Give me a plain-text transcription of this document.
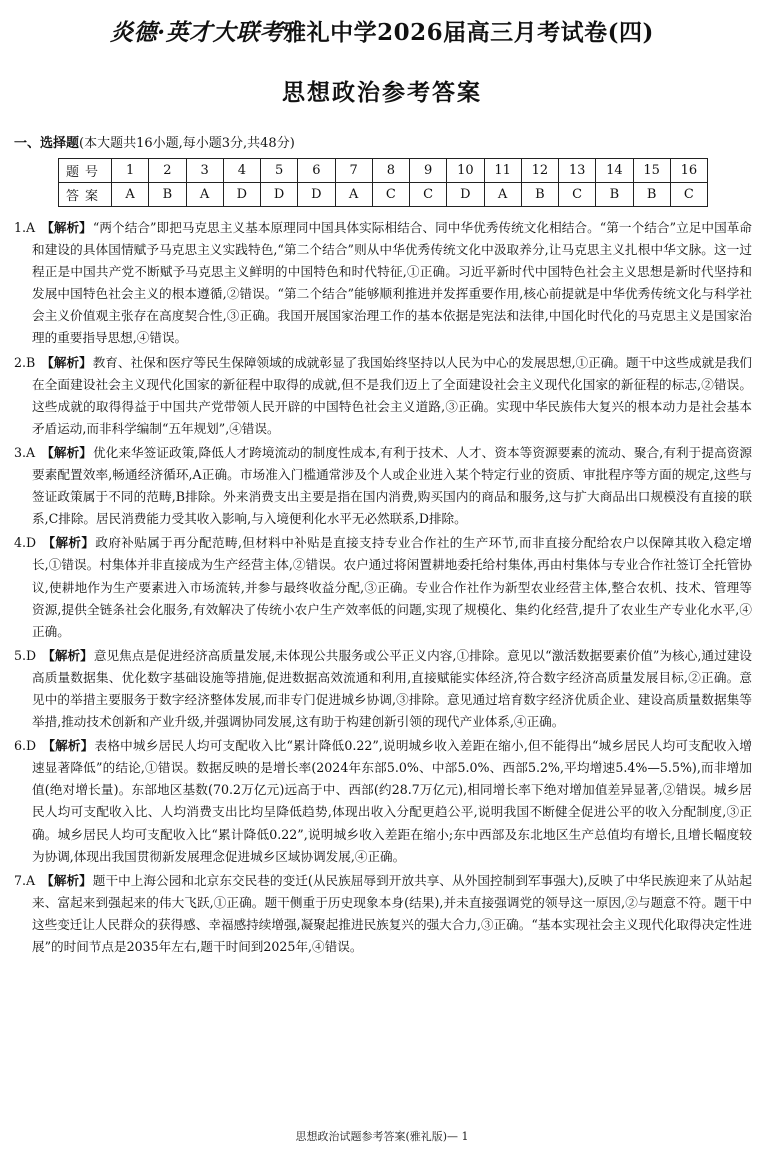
炎德·英才大联考雅礼中学2026届高三月考试卷(四)
思想政治参考答案
一、选择题(本大题共16小题,每小题3分,共48分)
题号	1	2	3	4	5	6	7	8	9	10	11	12	13	14	15	16
答案	A	B	A	D	D	D	A	C	C	D	A	B	C	B	B	C
1.A 【解析】“两个结合”即把马克思主义基本原理同中国具体实际相结合、同中华优秀传统文化相结合。“第一个结合”立足中国革命和建设的具体国情赋予马克思主义实践特色,“第二个结合”则从中华优秀传统文化中汲取养分,让马克思主义扎根中华文脉。这一过程正是中国共产党不断赋予马克思主义鲜明的中国特色和时代特征,①正确。习近平新时代中国特色社会主义思想是新时代坚持和发展中国特色社会主义的根本遵循,②错误。“第二个结合”能够顺利推进并发挥重要作用,核心前提就是中华优秀传统文化与科学社会主义价值观主张存在高度契合性,③正确。我国开展国家治理工作的基本依据是宪法和法律,中国化时代化的马克思主义是国家治理的重要指导思想,④错误。
2.B 【解析】教育、社保和医疗等民生保障领域的成就彰显了我国始终坚持以人民为中心的发展思想,①正确。题干中这些成就是我们在全面建设社会主义现代化国家的新征程中取得的成就,但不是我们迈上了全面建设社会主义现代化国家的新征程的标志,②错误。这些成就的取得得益于中国共产党带领人民开辟的中国特色社会主义道路,③正确。实现中华民族伟大复兴的根本动力是社会基本矛盾运动,而非科学编制“五年规划”,④错误。
3.A 【解析】优化来华签证政策,降低人才跨境流动的制度性成本,有利于技术、人才、资本等资源要素的流动、聚合,有利于提高资源要素配置效率,畅通经济循环,A正确。市场准入门槛通常涉及个人或企业进入某个特定行业的资质、审批程序等方面的规定,这些与签证政策属于不同的范畴,B排除。外来消费支出主要是指在国内消费,购买国内的商品和服务,这与扩大商品出口规模没有直接的联系,C排除。居民消费能力受其收入影响,与入境便利化水平无必然联系,D排除。
4.D 【解析】政府补贴属于再分配范畴,但材料中补贴是直接支持专业合作社的生产环节,而非直接分配给农户以保障其收入稳定增长,①错误。村集体并非直接成为生产经营主体,②错误。农户通过将闲置耕地委托给村集体,再由村集体与专业合作社签订全托管协议,使耕地作为生产要素进入市场流转,并参与最终收益分配,③正确。专业合作社作为新型农业经营主体,整合农机、技术、管理等资源,提供全链条社会化服务,有效解决了传统小农户生产效率低的问题,实现了规模化、集约化经营,提升了农业生产专业化水平,④正确。
5.D 【解析】意见焦点是促进经济高质量发展,未体现公共服务或公平正义内容,①排除。意见以“激活数据要素价值”为核心,通过建设高质量数据集、优化数字基础设施等措施,促进数据高效流通和利用,直接赋能实体经济,符合数字经济高质量发展目标,②正确。意见中的举措主要服务于数字经济整体发展,而非专门促进城乡协调,③排除。意见通过培育数字经济优质企业、建设高质量数据集等举措,推动技术创新和产业升级,并强调协同发展,这有助于构建创新引领的现代产业体系,④正确。
6.D 【解析】表格中城乡居民人均可支配收入比“累计降低0.22”,说明城乡收入差距在缩小,但不能得出“城乡居民人均可支配收入增速显著降低”的结论,①错误。数据反映的是增长率(2024年东部5.0%、中部5.0%、西部5.2%,平均增速5.4%—5.5%),而非增加值(绝对增长量)。东部地区基数(70.2万亿元)远高于中、西部(约28.7万亿元),相同增长率下绝对增加值差异显著,②错误。城乡居民人均可支配收入比、人均消费支出比均呈降低趋势,体现出收入分配更趋公平,说明我国不断健全促进公平的收入分配制度,③正确。城乡居民人均可支配收入比“累计降低0.22”,说明城乡收入差距在缩小;东中西部及东北地区生产总值均有增长,且增长幅度较为协调,体现出我国贯彻新发展理念促进城乡区域协调发展,④正确。
7.A 【解析】题干中上海公园和北京东交民巷的变迁(从民族屈辱到开放共享、从外国控制到军事强大),反映了中华民族迎来了从站起来、富起来到强起来的伟大飞跃,①正确。题干侧重于历史现象本身(结果),并未直接强调党的领导这一原因,②与题意不符。题干中这些变迁让人民群众的获得感、幸福感持续增强,凝聚起推进民族复兴的强大合力,③正确。“基本实现社会主义现代化取得决定性进展”的时间节点是2035年左右,题干时间到2025年,④错误。
思想政治试题参考答案(雅礼版)— 1
